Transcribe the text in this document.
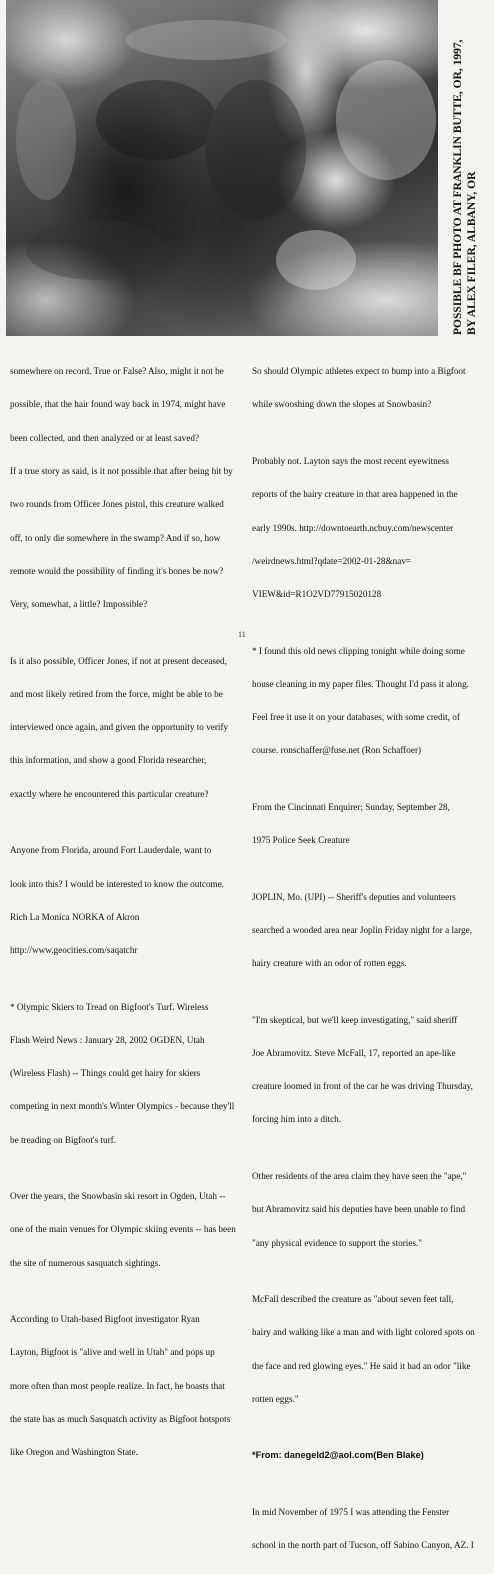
POSSIBLE BF PHOTO AT FRANKLIN BUTTE, OR, 1997, BY ALEX FILER, ALBANY, OR

somewhere on record. True or False? Also, might it not be

possible, that the hair found way back in 1974, might have

been collected, and then analyzed or at least saved?

If a true story as said, is it not possible that after being hit by

two rounds from Officer Jones pistol, this creature walked

off, to only die somewhere in the swamp? And if so, how

remote would the possibility of finding it's bones be now?

Very, somewhat, a little? Impossible?

Is it also possible, Officer Jones, if not at present deceased,

and most likely retired from the force, might be able to be

interviewed once again, and given the opportunity to verify

this information, and show a good Florida researcher,

exactly where he encountered this particular creature?

Anyone from Florida, around Fort Lauderdale, want to

look into this? I would be interested to know the outcome.

Rich La Monica NORKA of Akron

http://www.geocities.com/saqatchr

* Olympic Skiers to Tread on Bigfoot's Turf. Wireless

Flash Weird News : January 28, 2002 OGDEN, Utah

(Wireless Flash) -- Things could get hairy for skiers

competing in next month's Winter Olympics - because they'll

be treading on Bigfoot's turf.

Over the years, the Snowbasin ski resort in Ogden, Utah --

one of the main venues for Olympic skiing events -- has been

the site of numerous sasquatch sightings.

According to Utah-based Bigfoot investigator Ryan

Layton, Bigfoot is "alive and well in Utah" and pops up

more often than most people realize. In fact, he boasts that

the state has as much Sasquatch activity as Bigfoot hotspots

like Oregon and Washington State.

So should Olympic athletes expect to bump into a Bigfoot

while swooshing down the slopes at Snowbasin?

Probably not. Layton says the most recent eyewitness

reports of the hairy creature in that area happened in the

early 1990s. http://downtoearth.ncbuy.com/newscenter

/weirdnews.html?qdate=2002-01-28&nav=

VIEW&id=R1O2VD77915020128

* I found this old news clipping tonight while doing some

house cleaning in my paper files. Thought I'd pass it along.

Feel free it use it on your databases, with some credit, of

course. ronschaffer@fuse.net (Ron Schaffoer)

From the Cincinnati Enquirer; Sunday, September 28,

1975 Police Seek Creature

JOPLIN, Mo. (UPI) -- Sheriff's deputies and volunteers

searched a wooded area near Joplin Friday night for a large,

hairy creature with an odor of rotten eggs.

"I'm skeptical, but we'll keep investigating," said sheriff

Joe Abramovitz. Steve McFall, 17, reported an ape-like

creature loomed in front of the car he was driving Thursday,

forcing him into a ditch.

Other residents of the area claim they have seen the "ape,"

but Abramovitz said his deputies have been unable to find

"any physical evidence to support the stories."

McFall described the creature as "about seven feet tall,

hairy and walking like a man and with light colored spots on

the face and red glowing eyes." He said it had an odor "like

rotten eggs."

*From: danegeld2@aol.com(Ben Blake)

In mid November of 1975 I was attending the Fenster

school in the north part of Tucson, off Sabino Canyon, AZ. I

11
